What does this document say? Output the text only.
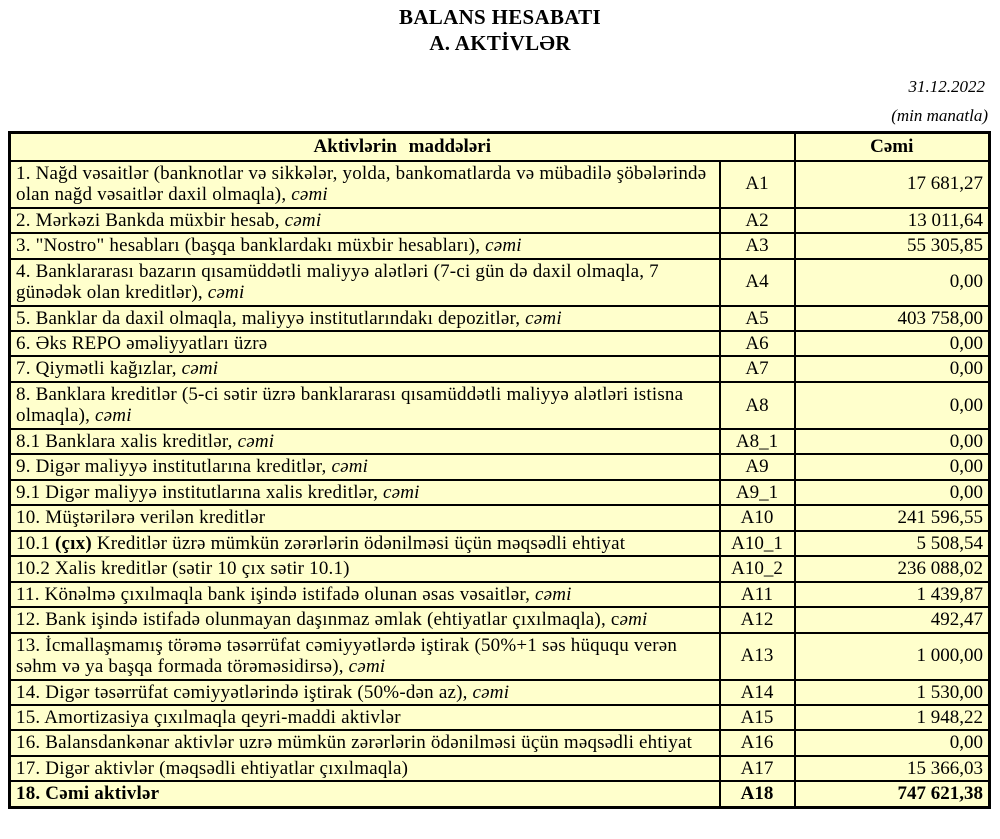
BALANS HESABATI
A. AKTİVLƏR
31.12.2022
(min manatla)
Aktivlərin maddələri		Cəmi
1. Nağd vəsaitlər (banknotlar və sikkələr, yolda, bankomatlarda və mübadilə şöbələrində olan nağd vəsaitlər daxil olmaqla), cəmi	A1	17 681,27
2. Mərkəzi Bankda müxbir hesab, cəmi	A2	13 011,64
3. "Nostro" hesabları (başqa banklardakı müxbir hesabları), cəmi	A3	55 305,85
4. Banklararası bazarın qısamüddətli maliyyə alətləri (7-ci gün də daxil olmaqla, 7 günədək olan kreditlər), cəmi	A4	0,00
5. Banklar da daxil olmaqla, maliyyə institutlarındakı depozitlər, cəmi	A5	403 758,00
6. Əks REPO əməliyyatları üzrə	A6	0,00
7. Qiymətli kağızlar, cəmi	A7	0,00
8. Banklara kreditlər (5-ci sətir üzrə banklararası qısamüddətli maliyyə alətləri istisna olmaqla), cəmi	A8	0,00
8.1 Banklara xalis kreditlər, cəmi	A8_1	0,00
9. Digər maliyyə institutlarına kreditlər, cəmi	A9	0,00
9.1 Digər maliyyə institutlarına xalis kreditlər, cəmi	A9_1	0,00
10. Müştərilərə verilən kreditlər	A10	241 596,55
10.1 (çıx) Kreditlər üzrə mümkün zərərlərin ödənilməsi üçün məqsədli ehtiyat	A10_1	5 508,54
10.2 Xalis kreditlər (sətir 10 çıx sətir 10.1)	A10_2	236 088,02
11. Könəlmə çıxılmaqla bank işində istifadə olunan əsas vəsaitlər, cəmi	A11	1 439,87
12. Bank işində istifadə olunmayan daşınmaz əmlak (ehtiyatlar çıxılmaqla), cəmi	A12	492,47
13. İcmallaşmamış törəmə təsərrüfat cəmiyyətlərdə iştirak (50%+1 səs hüququ verən səhm və ya başqa formada törəməsidirsə), cəmi	A13	1 000,00
14. Digər təsərrüfat cəmiyyətlərində iştirak (50%-dən az), cəmi	A14	1 530,00
15. Amortizasiya çıxılmaqla qeyri-maddi aktivlər	A15	1 948,22
16. Balansdankənar aktivlər uzrə mümkün zərərlərin ödənilməsi üçün məqsədli ehtiyat	A16	0,00
17. Digər aktivlər (məqsədli ehtiyatlar çıxılmaqla)	A17	15 366,03
18. Cəmi aktivlər	A18	747 621,38
